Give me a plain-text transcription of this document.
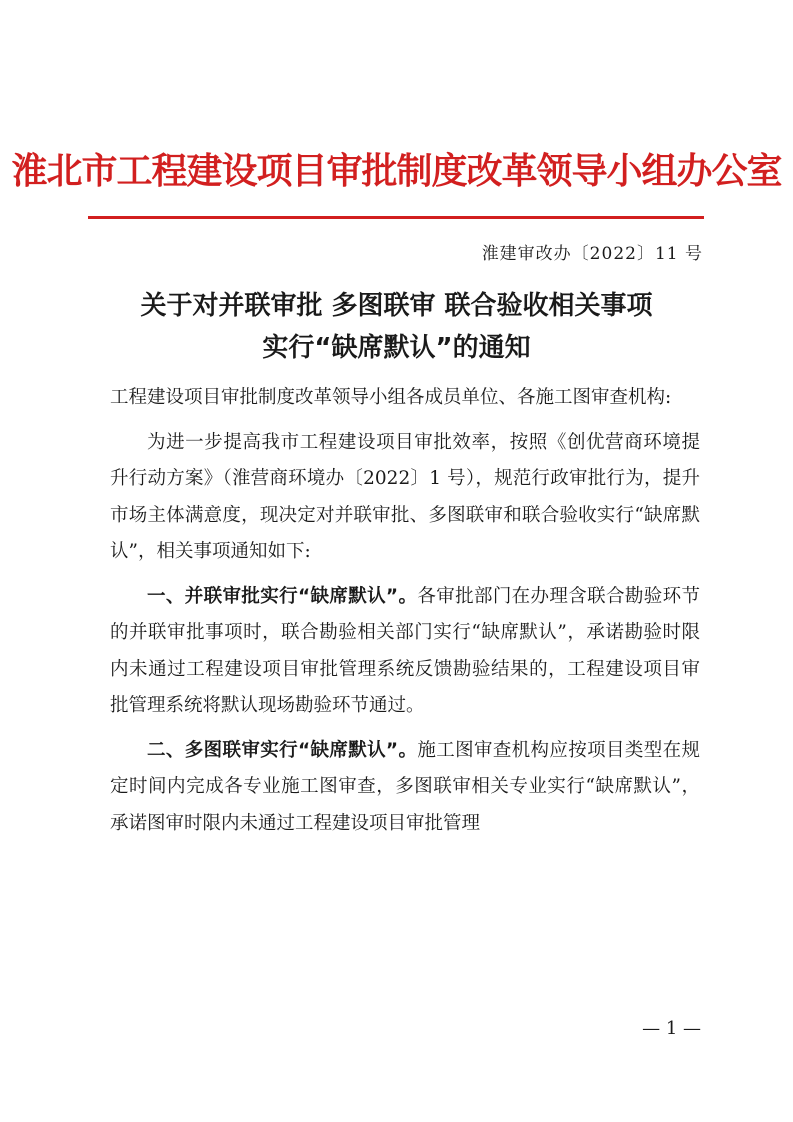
淮北市工程建设项目审批制度改革领导小组办公室
淮建审改办〔2022〕11 号
关于对并联审批 多图联审 联合验收相关事项
实行“缺席默认”的通知

工程建设项目审批制度改革领导小组各成员单位、各施工图审查机构:

为进一步提高我市工程建设项目审批效率，按照《创优营商环境提升行动方案》（淮营商环境办〔2022〕1 号），规范行政审批行为，提升市场主体满意度，现决定对并联审批、多图联审和联合验收实行“缺席默认”，相关事项通知如下:

一、并联审批实行“缺席默认”。各审批部门在办理含联合勘验环节的并联审批事项时，联合勘验相关部门实行“缺席默认”，承诺勘验时限内未通过工程建设项目审批管理系统反馈勘验结果的，工程建设项目审批管理系统将默认现场勘验环节通过。

二、多图联审实行“缺席默认”。施工图审查机构应按项目类型在规定时间内完成各专业施工图审查，多图联审相关专业实行“缺席默认”，承诺图审时限内未通过工程建设项目审批管理

— 1 —
